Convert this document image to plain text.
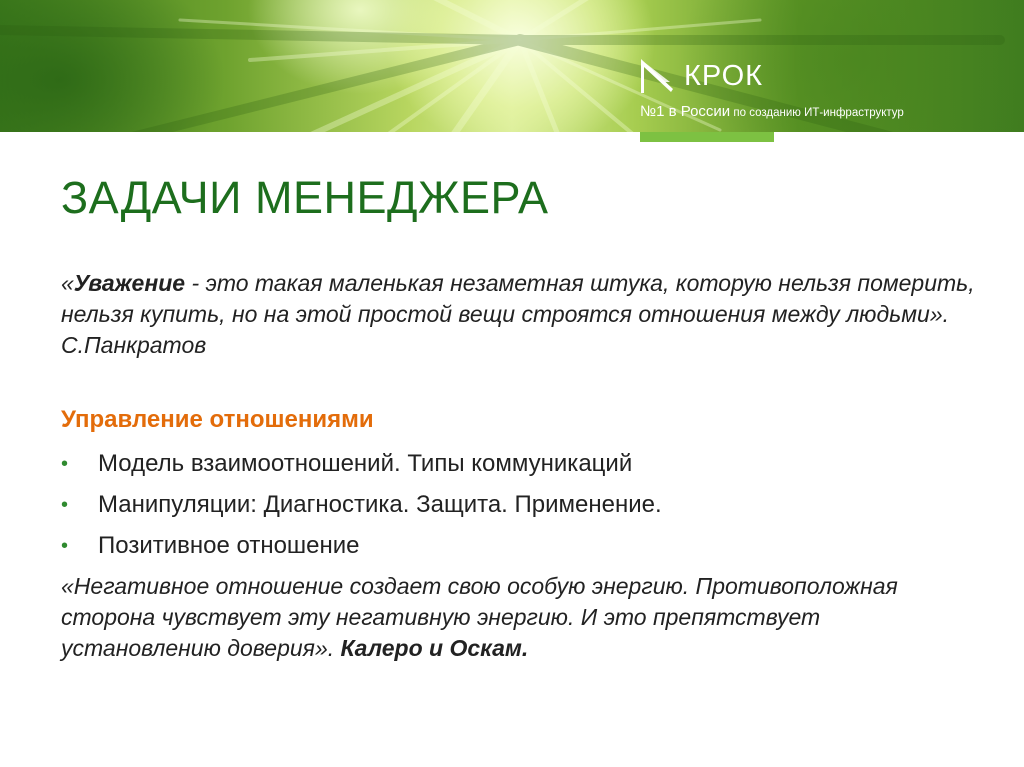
КРОК
№1 в России по созданию ИТ-инфраструктур
ЗАДАЧИ МЕНЕДЖЕРА

«Уважение - это такая маленькая незаметная штука, которую нельзя померить, нельзя купить, но на этой простой вещи строятся отношения между людьми». С.Панкратов

Управление отношениями
• Модель взаимоотношений. Типы коммуникаций
• Манипуляции: Диагностика. Защита. Применение.
• Позитивное отношение

«Негативное отношение создает свою особую энергию. Противоположная сторона чувствует эту негативную энергию. И это препятствует установлению доверия». Калеро и Оскам.
